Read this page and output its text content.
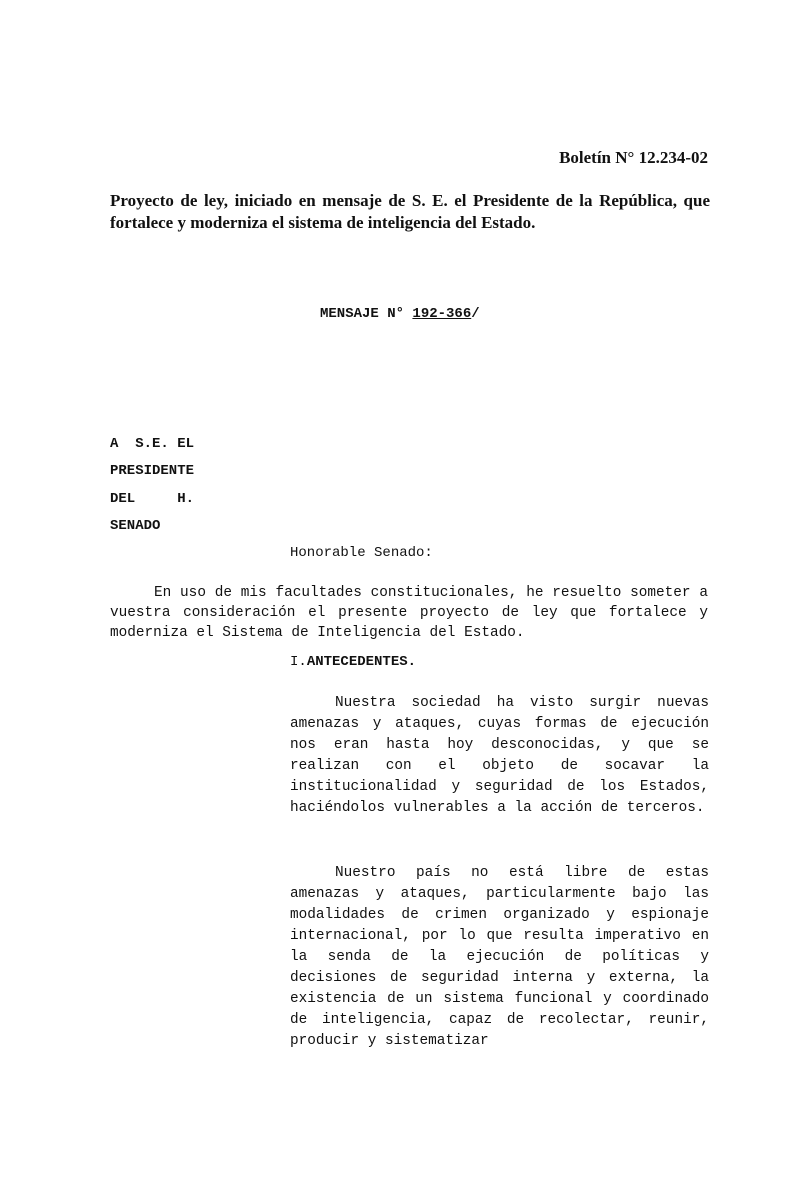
Boletín N° 12.234-02
Proyecto de ley, iniciado en mensaje de S. E. el Presidente de la República, que fortalece y moderniza el sistema de inteligencia del Estado.
MENSAJE N° 192-366/
A  S.E. EL
PRESIDENTE
DEL     H.
SENADO
Honorable Senado:

En uso de mis facultades constitucionales, he resuelto someter a vuestra consideración el presente proyecto de ley que fortalece y moderniza el Sistema de Inteligencia del Estado.

I.ANTECEDENTES.

Nuestra sociedad ha visto surgir nuevas amenazas y ataques, cuyas formas de ejecución nos eran hasta hoy desconocidas, y que se realizan con el objeto de socavar la institucionalidad y seguridad de los Estados, haciéndolos vulnerables a la acción de terceros.

Nuestro país no está libre de estas amenazas y ataques, particularmente bajo las modalidades de crimen organizado y espionaje internacional, por lo que resulta imperativo en la senda de la ejecución de políticas y decisiones de seguridad interna y externa, la existencia de un sistema funcional y coordinado de inteligencia, capaz de recolectar, reunir, producir y sistematizar
